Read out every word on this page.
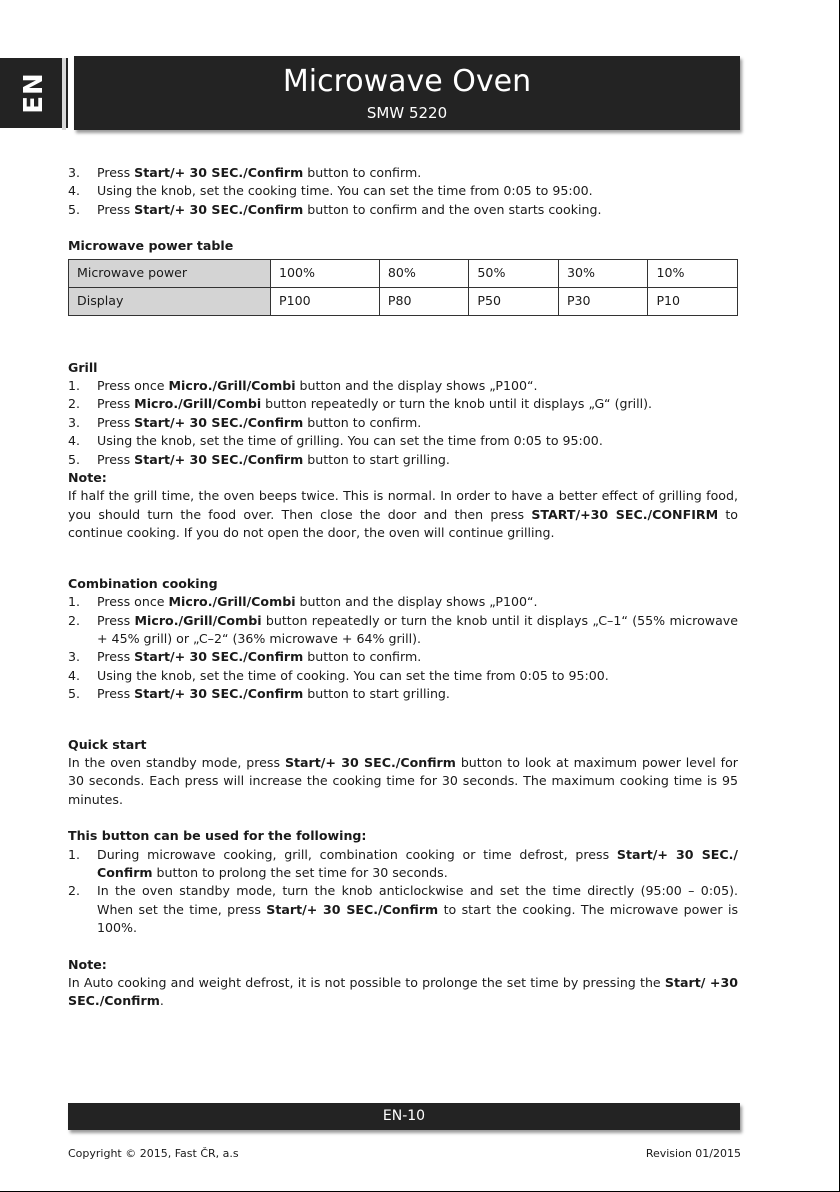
EN	Microwave Oven
SMW 5220
3.	Press Start/+ 30 SEC./Confirm button to confirm.
4.	Using the knob, set the cooking time. You can set the time from 0:05 to 95:00.
5.	Press Start/+ 30 SEC./Confirm button to confirm and the oven starts cooking.
Microwave power table
Microwave power	100%	80%	50%	30%	10%
Display	P100	P80	P50	P30	P10
Grill
1.	Press once Micro./Grill/Combi button and the display shows „P100“.
2.	Press Micro./Grill/Combi button repeatedly or turn the knob until it displays „G“ (grill).
3.	Press Start/+ 30 SEC./Confirm button to confirm.
4.	Using the knob, set the time of grilling. You can set the time from 0:05 to 95:00.
5.	Press Start/+ 30 SEC./Confirm button to start grilling.
Note:
If half the grill time, the oven beeps twice. This is normal. In order to have a better effect of grilling food, you should turn the food over. Then close the door and then press START/+30 SEC./CONFIRM to continue cooking. If you do not open the door, the oven will continue grilling.
Combination cooking
1.	Press once Micro./Grill/Combi button and the display shows „P100“.
2.	Press Micro./Grill/Combi button repeatedly or turn the knob until it displays „C–1“ (55% microwave + 45% grill) or „C–2“ (36% microwave + 64% grill).
3.	Press Start/+ 30 SEC./Confirm button to confirm.
4.	Using the knob, set the time of cooking. You can set the time from 0:05 to 95:00.
5.	Press Start/+ 30 SEC./Confirm button to start grilling.
Quick start
In the oven standby mode, press Start/+ 30 SEC./Confirm button to look at maximum power level for 30 seconds. Each press will increase the cooking time for 30 seconds. The maximum cooking time is 95 minutes.
This button can be used for the following:
1.	During microwave cooking, grill, combination cooking or time defrost, press Start/+ 30 SEC./ Confirm button to prolong the set time for 30 seconds.
2.	In the oven standby mode, turn the knob anticlockwise and set the time directly (95:00 – 0:05). When set the time, press Start/+ 30 SEC./Confirm to start the cooking. The microwave power is 100%.
Note:
In Auto cooking and weight defrost, it is not possible to prolonge the set time by pressing the Start/ +30 SEC./Confirm.
EN-10
Copyright © 2015, Fast ČR, a.s	Revision 01/2015
